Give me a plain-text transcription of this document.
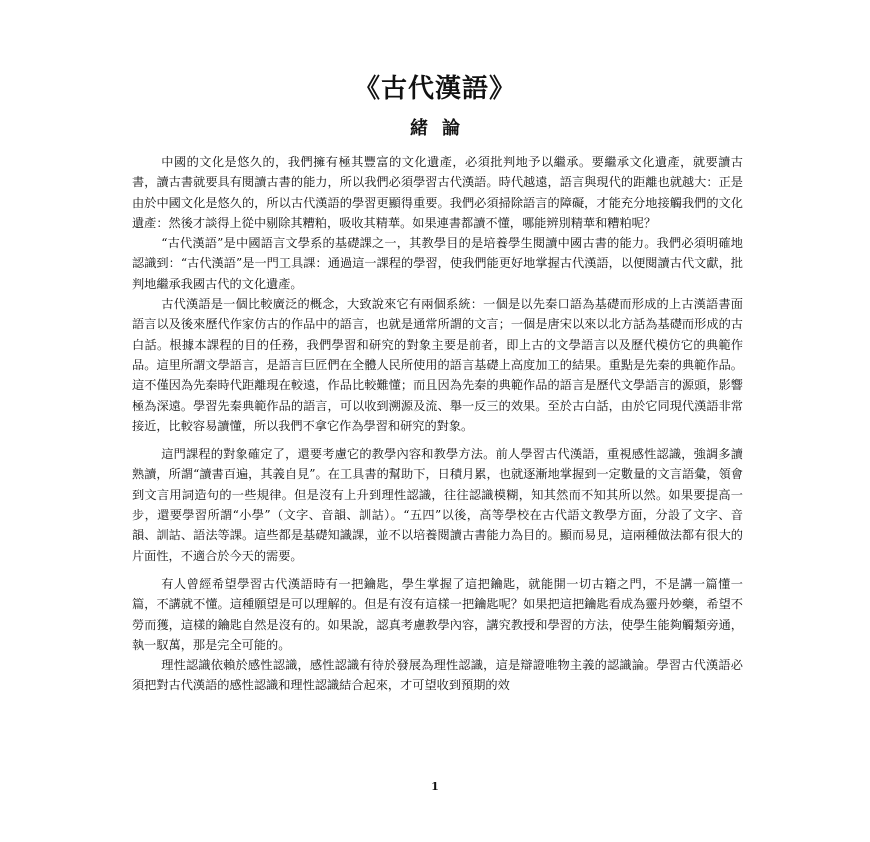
《古代漢語》
緒論

中國的文化是悠久的，我們擁有極其豐富的文化遺產，必須批判地予以繼承。要繼承文化遺產，就要讀古書，讀古書就要具有閱讀古書的能力，所以我們必須學習古代漢語。時代越遠，語言與現代的距離也就越大：正是由於中國文化是悠久的，所以古代漢語的學習更顯得重要。我們必須掃除語言的障礙，才能充分地接觸我們的文化遺產：然後才談得上從中剔除其糟粕，吸收其精華。如果連書都讀不懂，哪能辨別精華和糟粕呢？

“古代漢語”是中國語言文學系的基礎課之一，其教學目的是培養學生閱讀中國古書的能力。我們必須明確地認識到：“古代漢語”是一門工具課：通過這一課程的學習，使我們能更好地掌握古代漢語，以便閱讀古代文獻，批判地繼承我國古代的文化遺產。

古代漢語是一個比較廣泛的概念，大致說來它有兩個系統：一個是以先秦口語為基礎而形成的上古漢語書面語言以及後來歷代作家仿古的作品中的語言，也就是通常所謂的文言；一個是唐宋以來以北方話為基礎而形成的古白話。根據本課程的目的任務，我們學習和研究的對象主要是前者，即上古的文學語言以及歷代模仿它的典範作品。這里所謂文學語言，是語言巨匠們在全體人民所使用的語言基礎上高度加工的結果。重點是先秦的典範作品。這不僅因為先秦時代距離現在較遠，作品比較難懂；而且因為先秦的典範作品的語言是歷代文學語言的源頭，影響極為深遠。學習先秦典範作品的語言，可以收到溯源及流、舉一反三的效果。至於古白話，由於它同現代漢語非常接近，比較容易讀懂，所以我們不拿它作為學習和研究的對象。

這門課程的對象確定了，還要考慮它的教學內容和教學方法。前人學習古代漢語，重視感性認識，強調多讀熟讀，所謂“讀書百遍，其義自見”。在工具書的幫助下，日積月累，也就逐漸地掌握到一定數量的文言語彙，領會到文言用詞造句的一些規律。但是沒有上升到理性認識，往往認識模糊，知其然而不知其所以然。如果要提高一步，還要學習所謂“小學”（文字、音韻、訓詁）。“五四”以後，高等學校在古代語文教學方面，分設了文字、音韻、訓詁、語法等課。這些都是基礎知識課，並不以培養閱讀古書能力為目的。顯而易見，這兩種做法都有很大的片面性，不適合於今天的需要。

有人曾經希望學習古代漢語時有一把鑰匙，學生掌握了這把鑰匙，就能開一切古籍之門，不是講一篇懂一篇，不講就不懂。這種願望是可以理解的。但是有沒有這樣一把鑰匙呢？如果把這把鑰匙看成為靈丹妙藥，希望不勞而獲，這樣的鑰匙自然是沒有的。如果說，認真考慮教學內容，講究教授和學習的方法，使學生能夠觸類旁通，執一馭萬，那是完全可能的。

理性認識依賴於感性認識，感性認識有待於發展為理性認識，這是辯證唯物主義的認識論。學習古代漢語必須把對古代漢語的感性認識和理性認識結合起來，才可望收到預期的效

1
